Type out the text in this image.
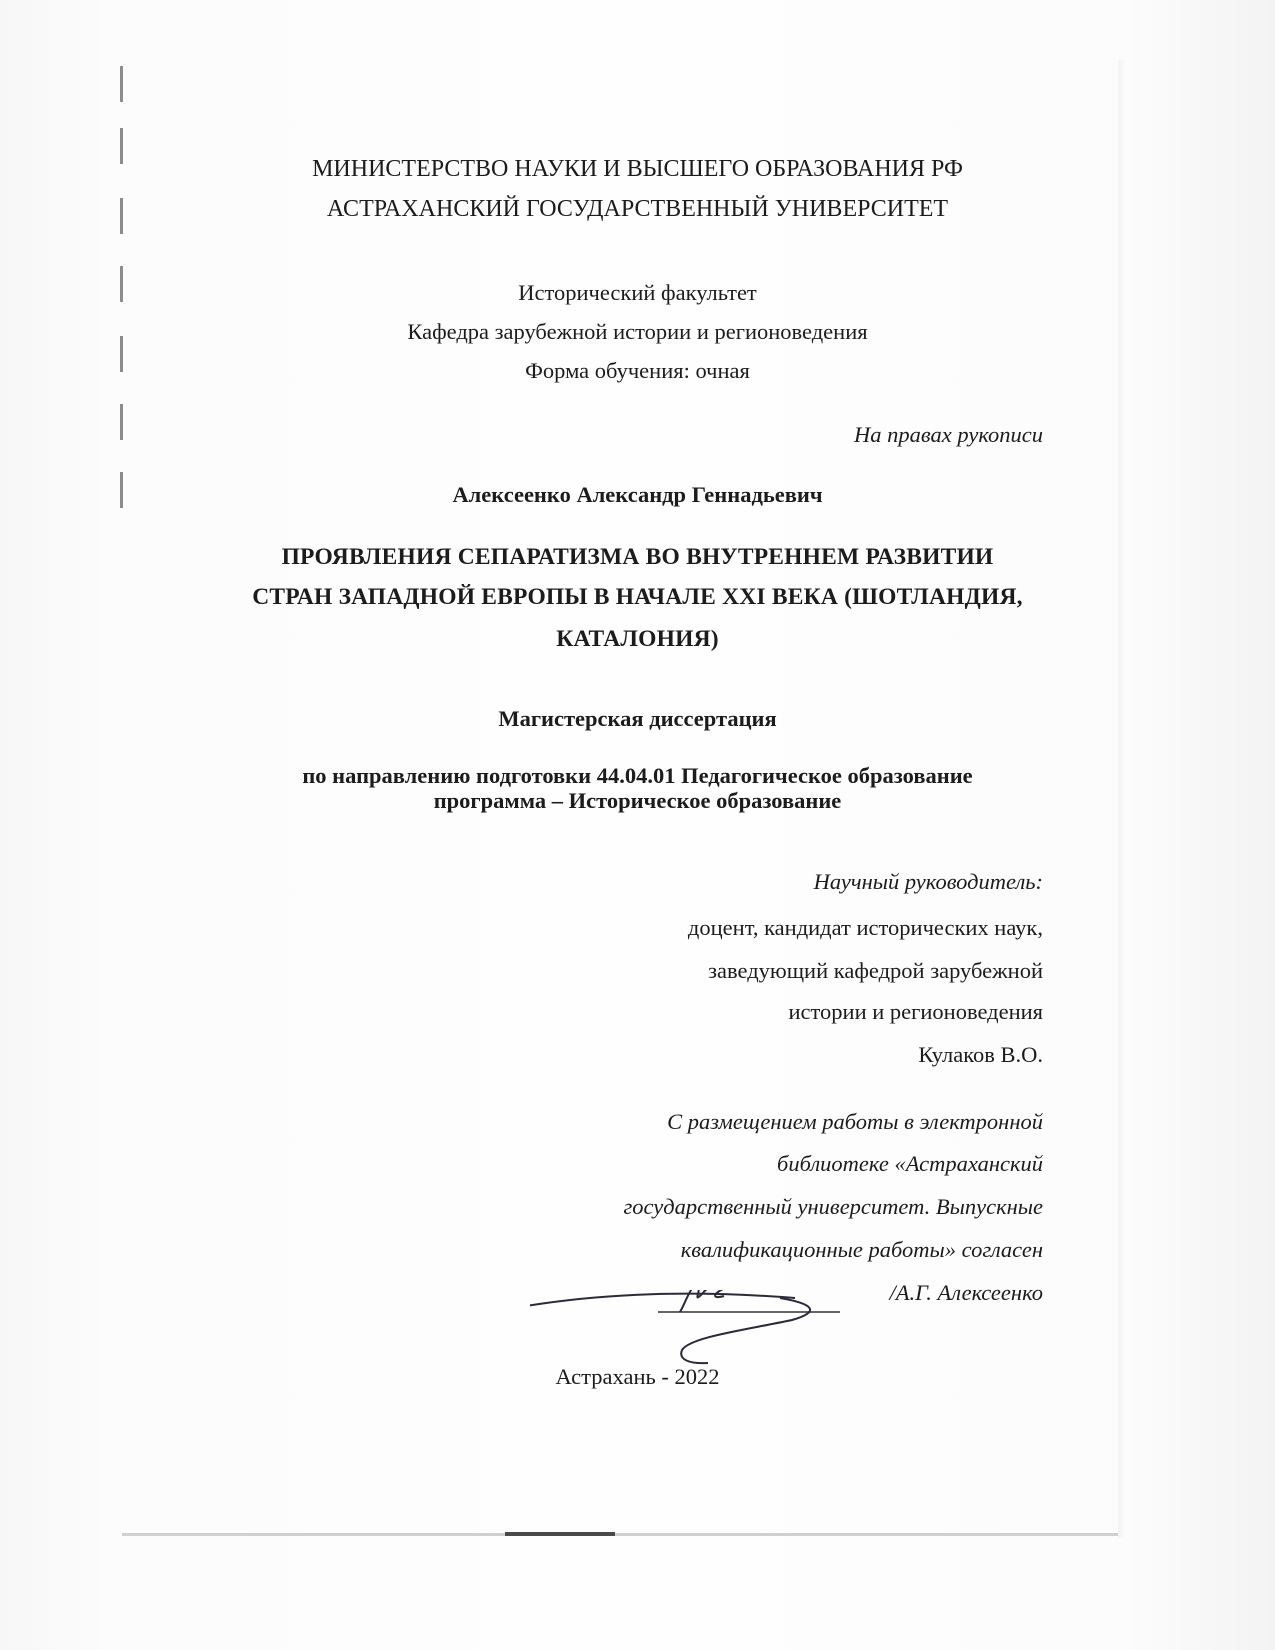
МИНИСТЕРСТВО НАУКИ И ВЫСШЕГО ОБРАЗОВАНИЯ РФ
АСТРАХАНСКИЙ ГОСУДАРСТВЕННЫЙ УНИВЕРСИТЕТ
Исторический факультет
Кафедра зарубежной истории и регионоведения
Форма обучения: очная
На правах рукописи
Алексеенко Александр Геннадьевич
ПРОЯВЛЕНИЯ СЕПАРАТИЗМА ВО ВНУТРЕННЕМ РАЗВИТИИ
СТРАН ЗАПАДНОЙ ЕВРОПЫ В НАЧАЛЕ XXI ВЕКА (ШОТЛАНДИЯ,
КАТАЛОНИЯ)
Магистерская диссертация
по направлению подготовки 44.04.01 Педагогическое образование
программа – Историческое образование
Научный руководитель:
доцент, кандидат исторических наук,
заведующий кафедрой зарубежной
истории и регионоведения
Кулаков В.О.
С размещением работы в электронной
библиотеке «Астраханский
государственный университет. Выпускные
квалификационные работы» согласен
/А.Г. Алексеенко
Астрахань - 2022
